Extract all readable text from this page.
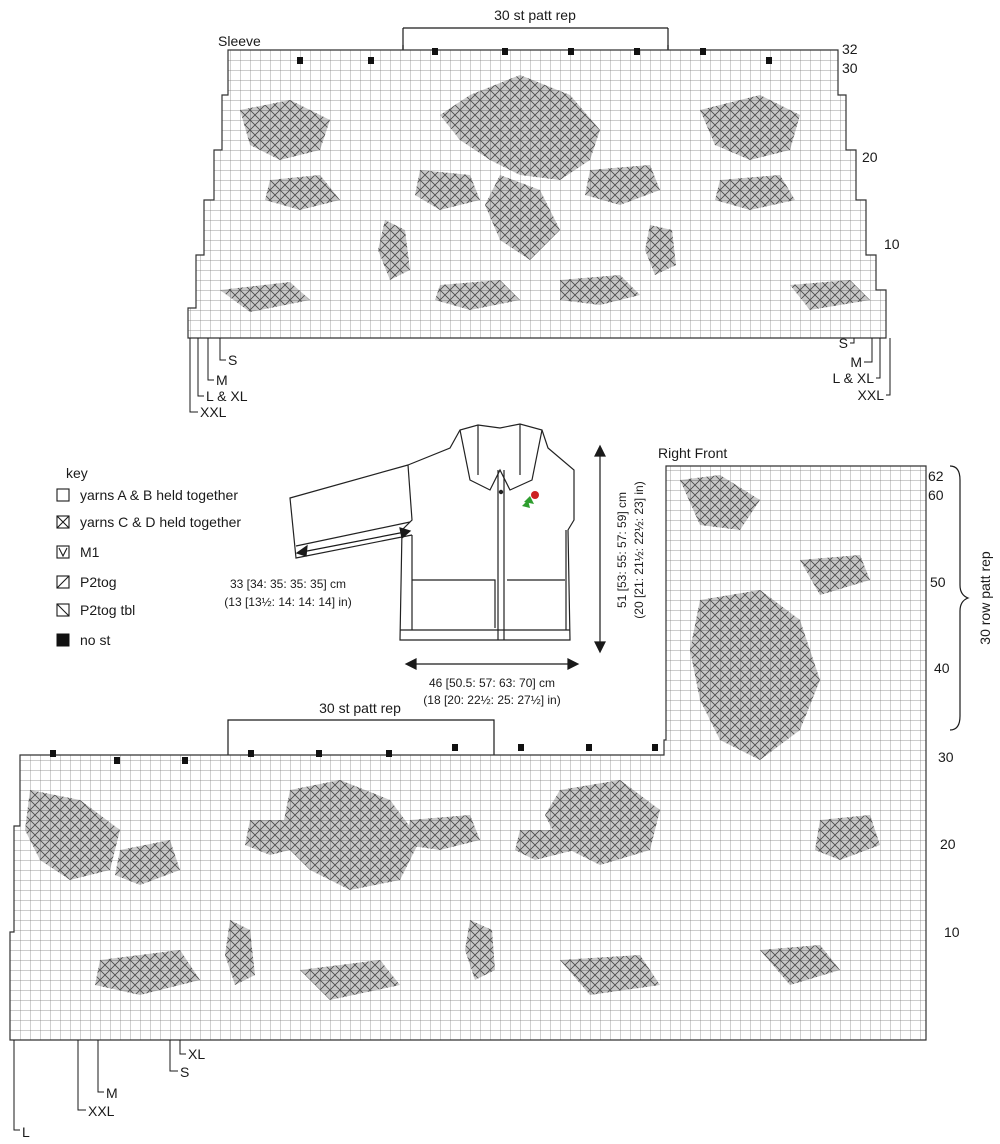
Sleeve
30 st patt rep
32
30
20
10
S
M
L & XL
XXL
S
M
L & XL
XXL
key
yarns A & B held together
yarns C & D held together
M1
P2tog
P2tog tbl
no st
33 [34: 35: 35: 35] cm
(13 [13½: 14: 14: 14] in)
46 [50.5: 57: 63: 70] cm
(18 [20: 22½: 25: 27½] in)
51 [53: 55: 57: 59] cm (20 [21: 21½: 22½: 23] in)
Right Front
30 st patt rep
62
60
50
40
30 row patt rep
30
20
10
XL
S
M
XXL
L
